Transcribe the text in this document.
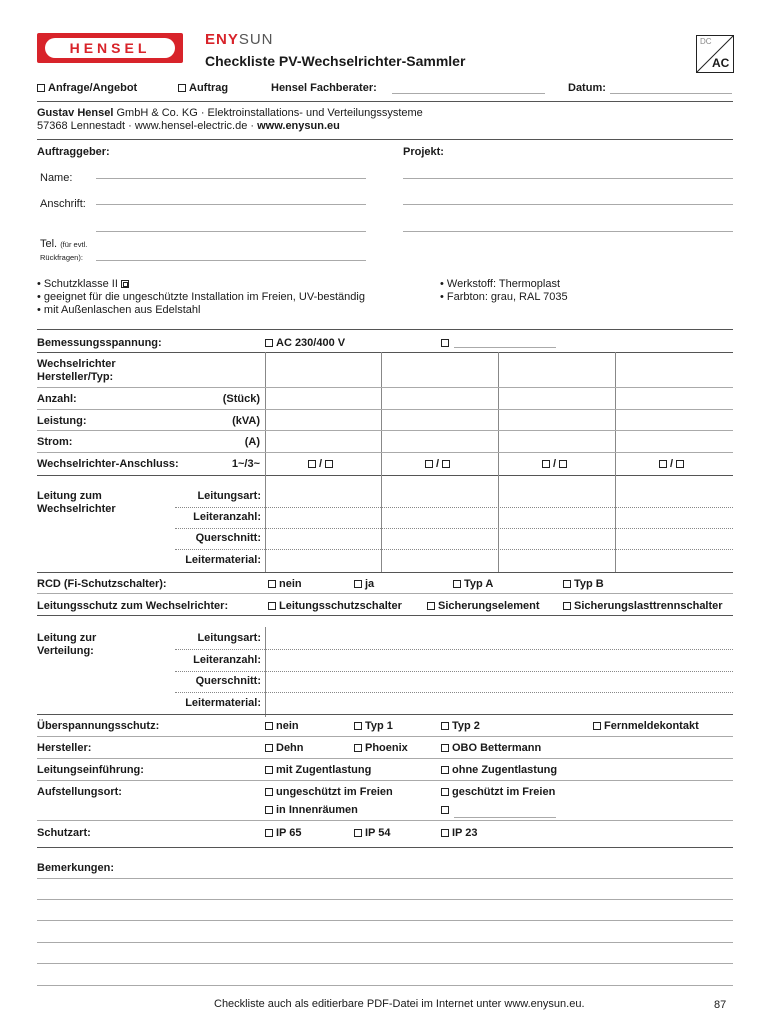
HENSEL	ENYSUN
Checkliste PV-Wechselrichter-Sammler
DC
AC
Anfrage/Angebot	Auftrag	Hensel Fachberater:	Datum:
Gustav Hensel GmbH & Co. KG · Elektroinstallations- und Verteilungssysteme
57368 Lennestadt · www.hensel-electric.de · www.enysun.eu
Auftraggeber:	Projekt:
Name:
Anschrift:
Tel. (für evtl.
Rückfragen):
• Schutzklasse II
• geeignet für die ungeschützte Installation im Freien, UV-beständig
• mit Außenlaschen aus Edelstahl
• Werkstoff: Thermoplast
• Farbton: grau, RAL 7035
Bemessungsspannung:	AC 230/400 V
Wechselrichter
Hersteller/Typ:
Anzahl:	(Stück)
Leistung:	(kVA)
Strom:	(A)
Wechselrichter-Anschluss:	1~/3~	/	/	/	/
Leitung zum
Wechselrichter
Leitungsart:
Leiteranzahl:
Querschnitt:
Leitermaterial:
RCD (Fi-Schutzschalter):	nein	ja	Typ A	Typ B
Leitungsschutz zum Wechselrichter:	Leitungsschutzschalter	Sicherungselement	Sicherungslasttrennschalter
Leitung zur
Verteilung:
Leitungsart:
Leiteranzahl:
Querschnitt:
Leitermaterial:
Überspannungsschutz:	nein	Typ 1	Typ 2	Fernmeldekontakt
Hersteller:	Dehn	Phoenix	OBO Bettermann
Leitungseinführung:	mit Zugentlastung	ohne Zugentlastung
Aufstellungsort:	ungeschützt im Freien	geschützt im Freien
in Innenräumen
Schutzart:	IP 65	IP 54	IP 23
Bemerkungen:
Checkliste auch als editierbare PDF-Datei im Internet unter www.enysun.eu.	87
